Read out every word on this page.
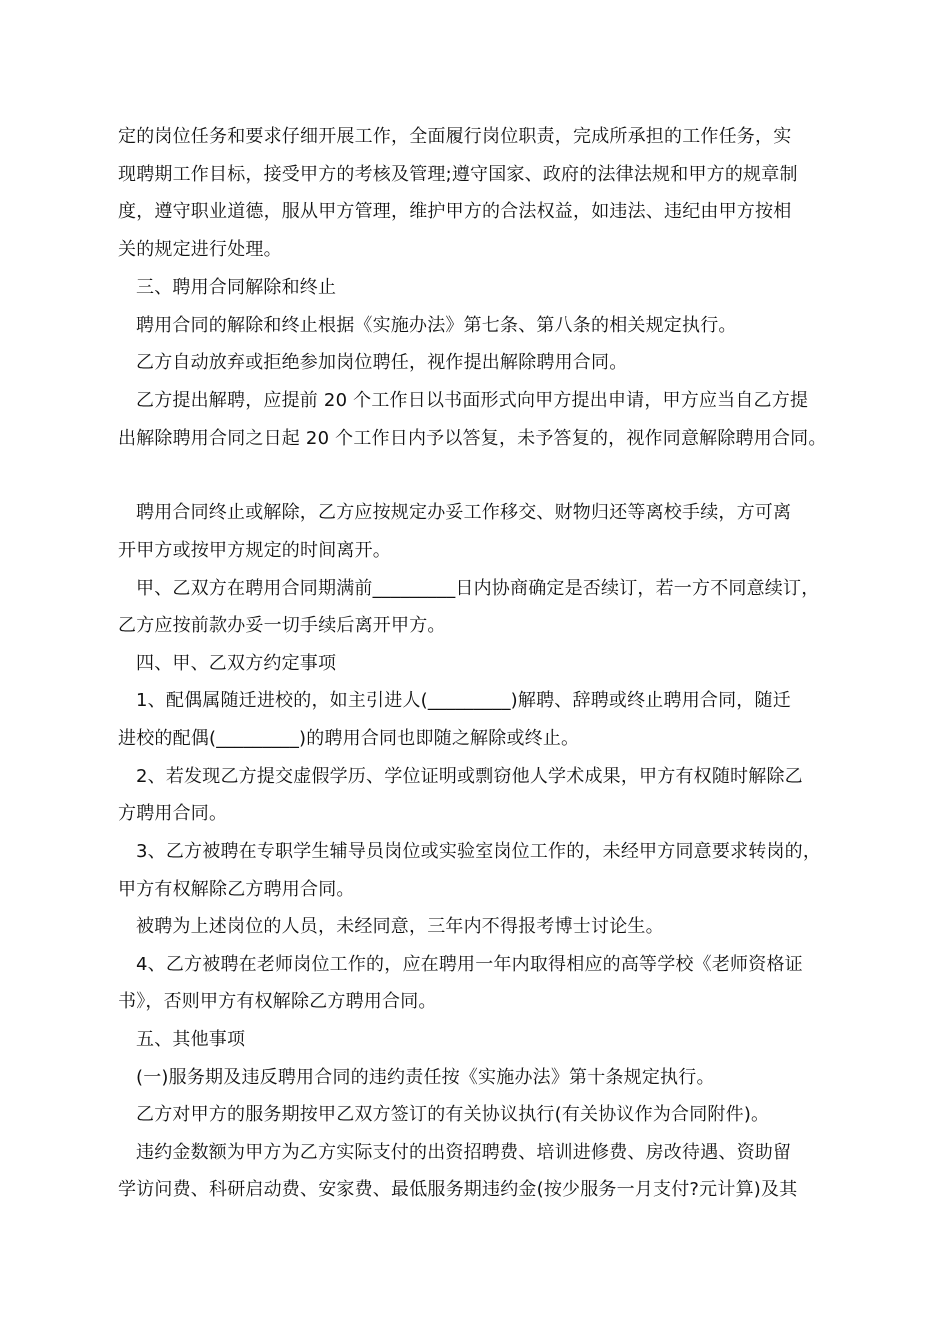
定的岗位任务和要求仔细开展工作，全面履行岗位职责，完成所承担的工作任务，实
现聘期工作目标，接受甲方的考核及管理;遵守国家、政府的法律法规和甲方的规章制
度，遵守职业道德，服从甲方管理，维护甲方的合法权益，如违法、违纪由甲方按相
关的规定进行处理。
三、聘用合同解除和终止
聘用合同的解除和终止根据《实施办法》第七条、第八条的相关规定执行。
乙方自动放弃或拒绝参加岗位聘任，视作提出解除聘用合同。
乙方提出解聘，应提前 20 个工作日以书面形式向甲方提出申请，甲方应当自乙方提
出解除聘用合同之日起 20 个工作日内予以答复，未予答复的，视作同意解除聘用合同。
聘用合同终止或解除，乙方应按规定办妥工作移交、财物归还等离校手续，方可离
开甲方或按甲方规定的时间离开。
甲、乙双方在聘用合同期满前_________日内协商确定是否续订，若一方不同意续订，
乙方应按前款办妥一切手续后离开甲方。
四、甲、乙双方约定事项
1、配偶属随迁进校的，如主引进人(_________)解聘、辞聘或终止聘用合同，随迁
进校的配偶(_________)的聘用合同也即随之解除或终止。
2、若发现乙方提交虚假学历、学位证明或剽窃他人学术成果，甲方有权随时解除乙
方聘用合同。
3、乙方被聘在专职学生辅导员岗位或实验室岗位工作的，未经甲方同意要求转岗的，
甲方有权解除乙方聘用合同。
被聘为上述岗位的人员，未经同意，三年内不得报考博士讨论生。
4、乙方被聘在老师岗位工作的，应在聘用一年内取得相应的高等学校《老师资格证
书》，否则甲方有权解除乙方聘用合同。
五、其他事项
(一)服务期及违反聘用合同的违约责任按《实施办法》第十条规定执行。
乙方对甲方的服务期按甲乙双方签订的有关协议执行(有关协议作为合同附件)。
违约金数额为甲方为乙方实际支付的出资招聘费、培训进修费、房改待遇、资助留
学访问费、科研启动费、安家费、最低服务期违约金(按少服务一月支付?元计算)及其
